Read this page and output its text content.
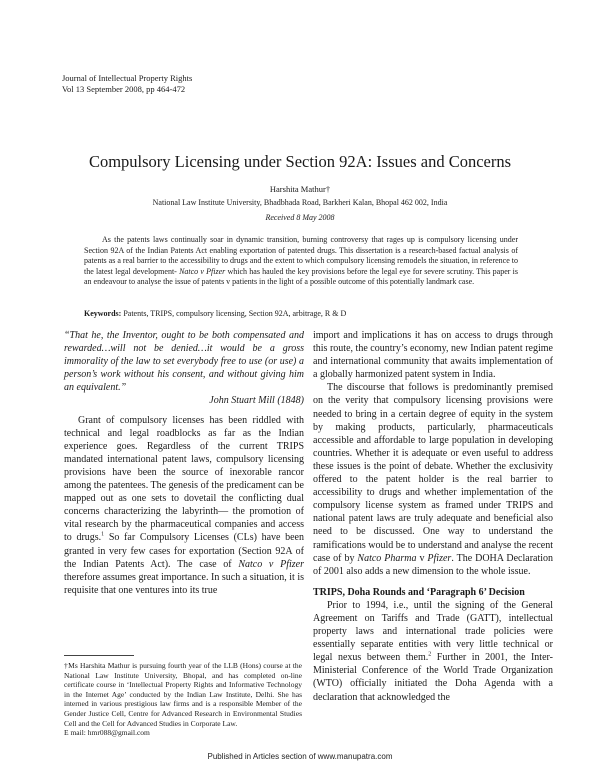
Journal of Intellectual Property Rights
Vol 13 September 2008, pp 464-472
Compulsory Licensing under Section 92A: Issues and Concerns
Harshita Mathur†
National Law Institute University, Bhadbhada Road, Barkheri Kalan, Bhopal 462 002, India
Received 8 May 2008

As the patents laws continually soar in dynamic transition, burning controversy that rages up is compulsory licensing under Section 92A of the Indian Patents Act enabling exportation of patented drugs. This dissertation is a research-based factual analysis of patents as a real barrier to the accessibility to drugs and the extent to which compulsory licensing remodels the situation, in reference to the latest legal development- Natco v Pfizer which has hauled the key provisions before the legal eye for severe scrutiny. This paper is an endeavour to analyse the issue of patents v patients in the light of a possible outcome of this potentially landmark case.

Keywords: Patents, TRIPS, compulsory licensing, Section 92A, arbitrage, R & D

“That he, the Inventor, ought to be both compensated and rewarded…will not be denied…it would be a gross immorality of the law to set everybody free to use (or use) a person’s work without his consent, and without giving him an equivalent.”

John Stuart Mill (1848)

Grant of compulsory licenses has been riddled with technical and legal roadblocks as far as the Indian experience goes. Regardless of the current TRIPS mandated international patent laws, compulsory licensing provisions have been the source of inexorable rancor among the patentees. The genesis of the predicament can be mapped out as one sets to dovetail the conflicting dual concerns characterizing the labyrinth— the promotion of vital research by the pharmaceutical companies and access to drugs.$^1$ So far Compulsory Licenses (CLs) have been granted in very few cases for exportation (Section 92A of the Indian Patents Act). The case of Natco v Pfizer therefore assumes great importance. In such a situation, it is requisite that one ventures into its true

import and implications it has on access to drugs through this route, the country’s economy, new Indian patent regime and international community that awaits implementation of a globally harmonized patent system in India.

The discourse that follows is predominantly premised on the verity that compulsory licensing provisions were needed to bring in a certain degree of equity in the system by making products, particularly, pharmaceuticals accessible and affordable to large population in developing countries. Whether it is adequate or even useful to address these issues is the point of debate. Whether the exclusivity offered to the patent holder is the real barrier to accessibility to drugs and whether implementation of the compulsory license system as framed under TRIPS and national patent laws are truly adequate and beneficial also need to be discussed. One way to understand the ramifications would be to understand and analyse the recent case of by Natco Pharma v Pfizer. The DOHA Declaration of 2001 also adds a new dimension to the whole issue.

TRIPS, Doha Rounds and ‘Paragraph 6’ Decision

Prior to 1994, i.e., until the signing of the General Agreement on Tariffs and Trade (GATT), intellectual property laws and international trade policies were essentially separate entities with very little technical or legal nexus between them.$^2$ Further in 2001, the Inter-Ministerial Conference of the World Trade Organization (WTO) officially initiated the Doha Agenda with a declaration that acknowledged the

†Ms Harshita Mathur is pursuing fourth year of the LLB (Hons) course at the National Law Institute University, Bhopal, and has completed on-line certificate course in ‘Intellectual Property Rights and Informative Technology in the Internet Age’ conducted by the Indian Law Institute, Delhi. She has interned in various prestigious law firms and is a responsible Member of the Gender Justice Cell, Centre for Advanced Research in Environmental Studies Cell and the Cell for Advanced Studies in Corporate Law.
E mail: hmr088@gmail.com

Published in Articles section of www.manupatra.com
